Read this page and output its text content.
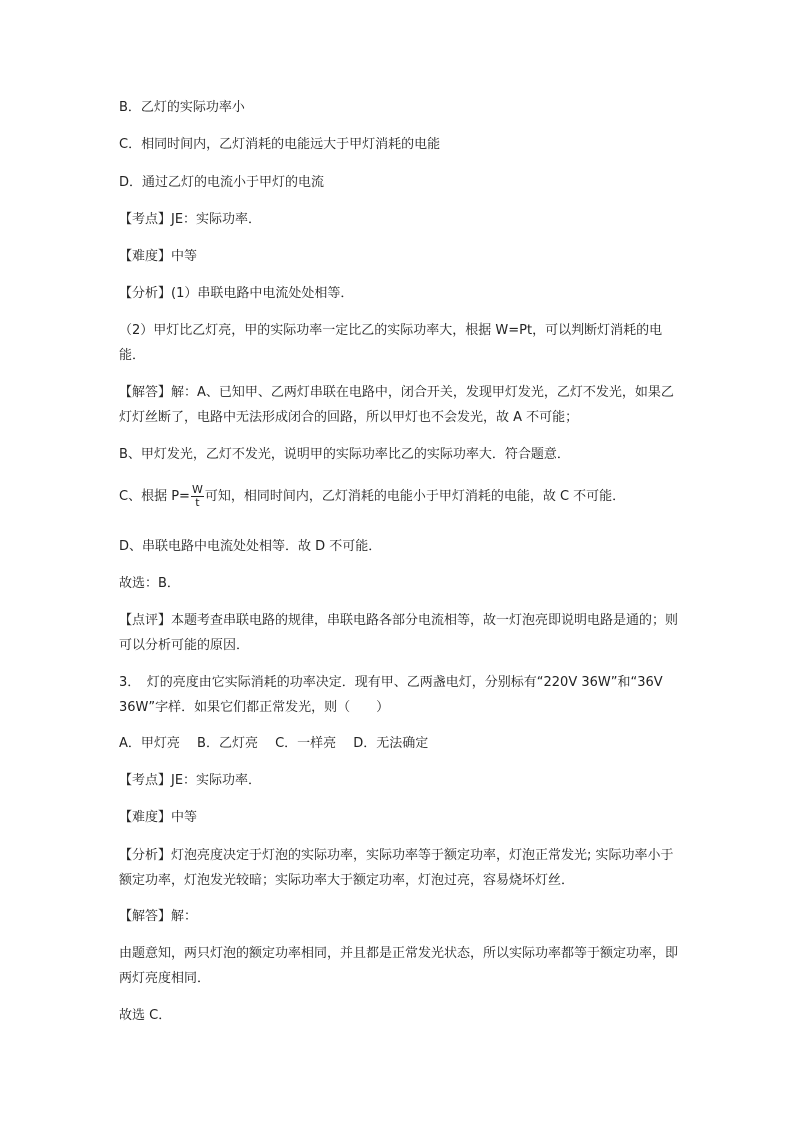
B．乙灯的实际功率小
C．相同时间内，乙灯消耗的电能远大于甲灯消耗的电能
D．通过乙灯的电流小于甲灯的电流
【考点】JE：实际功率．
【难度】中等
【分析】(1）串联电路中电流处处相等．
（2）甲灯比乙灯亮，甲的实际功率一定比乙的实际功率大，根据 W=Pt，可以判断灯消耗的电能．
【解答】解：A、已知甲、乙两灯串联在电路中，闭合开关，发现甲灯发光，乙灯不发光，如果乙灯灯丝断了，电路中无法形成闭合的回路，所以甲灯也不会发光，故 A 不可能；
B、甲灯发光，乙灯不发光，说明甲的实际功率比乙的实际功率大．符合题意．
C、根据 $P= \frac{W}{t}$ 可知，相同时间内，乙灯消耗的电能小于甲灯消耗的电能，故 C 不可能．
D、串联电路中电流处处相等．故 D 不可能．
故选：B．
【点评】本题考查串联电路的规律，串联电路各部分电流相等，故一灯泡亮即说明电路是通的；则可以分析可能的原因．
3．　灯的亮度由它实际消耗的功率决定．现有甲、乙两盏电灯，分别标有“220V 36W”和“36V 36W”字样．如果它们都正常发光，则（　　）
A．甲灯亮　 B．乙灯亮　 C．一样亮　 D．无法确定
【考点】JE：实际功率．
【难度】中等
【分析】灯泡亮度决定于灯泡的实际功率，实际功率等于额定功率，灯泡正常发光; 实际功率小于额定功率，灯泡发光较暗；实际功率大于额定功率，灯泡过亮，容易烧坏灯丝．
【解答】解：
由题意知，两只灯泡的额定功率相同，并且都是正常发光状态，所以实际功率都等于额定功率，即两灯亮度相同．
故选 C．
